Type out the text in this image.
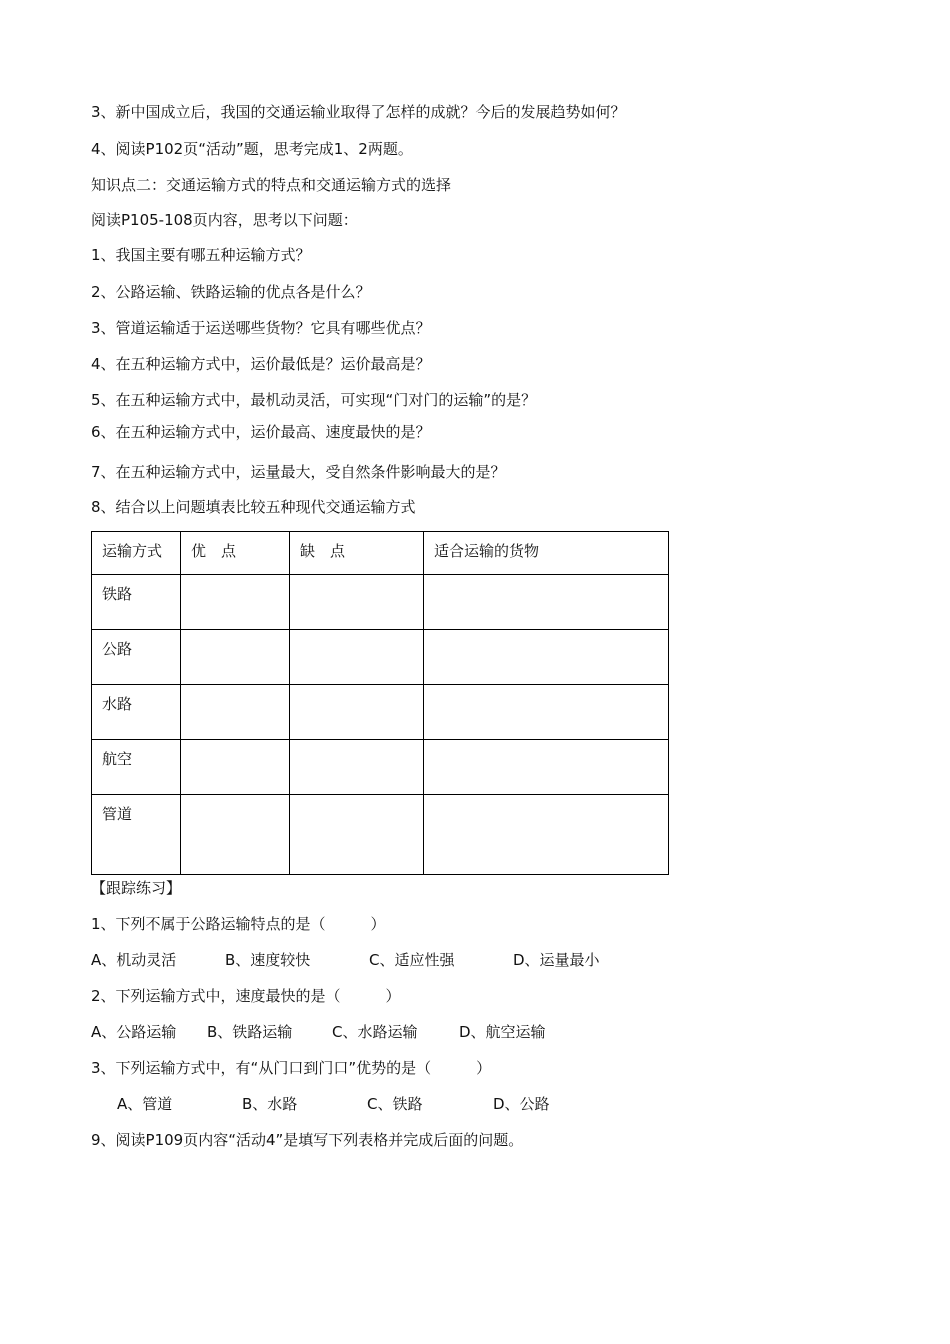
3、新中国成立后，我国的交通运输业取得了怎样的成就？今后的发展趋势如何？
4、阅读P102页“活动”题，思考完成1、2两题。
知识点二：交通运输方式的特点和交通运输方式的选择
阅读P105-108页内容，思考以下问题：
1、我国主要有哪五种运输方式？
2、公路运输、铁路运输的优点各是什么？
3、管道运输适于运送哪些货物？它具有哪些优点？
4、在五种运输方式中，运价最低是？运价最高是？
5、在五种运输方式中，最机动灵活，可实现“门对门的运输”的是？
6、在五种运输方式中，运价最高、速度最快的是？
7、在五种运输方式中，运量最大，受自然条件影响最大的是？
8、结合以上问题填表比较五种现代交通运输方式
运输方式	优　点	缺　点	适合运输的货物
铁路			
公路			
水路			
航空			
管道			
【跟踪练习】
1、下列不属于公路运输特点的是（　　　）
A、机动灵活	B、速度较快	C、适应性强	D、运量最小
2、下列运输方式中，速度最快的是（　　　）
A、公路运输 B、铁路运输	C、水路运输	D、航空运输
3、下列运输方式中，有“从门口到门口”优势的是（　　　）
A、管道	B、水路	C、铁路	D、公路
9、阅读P109页内容“活动4”是填写下列表格并完成后面的问题。
